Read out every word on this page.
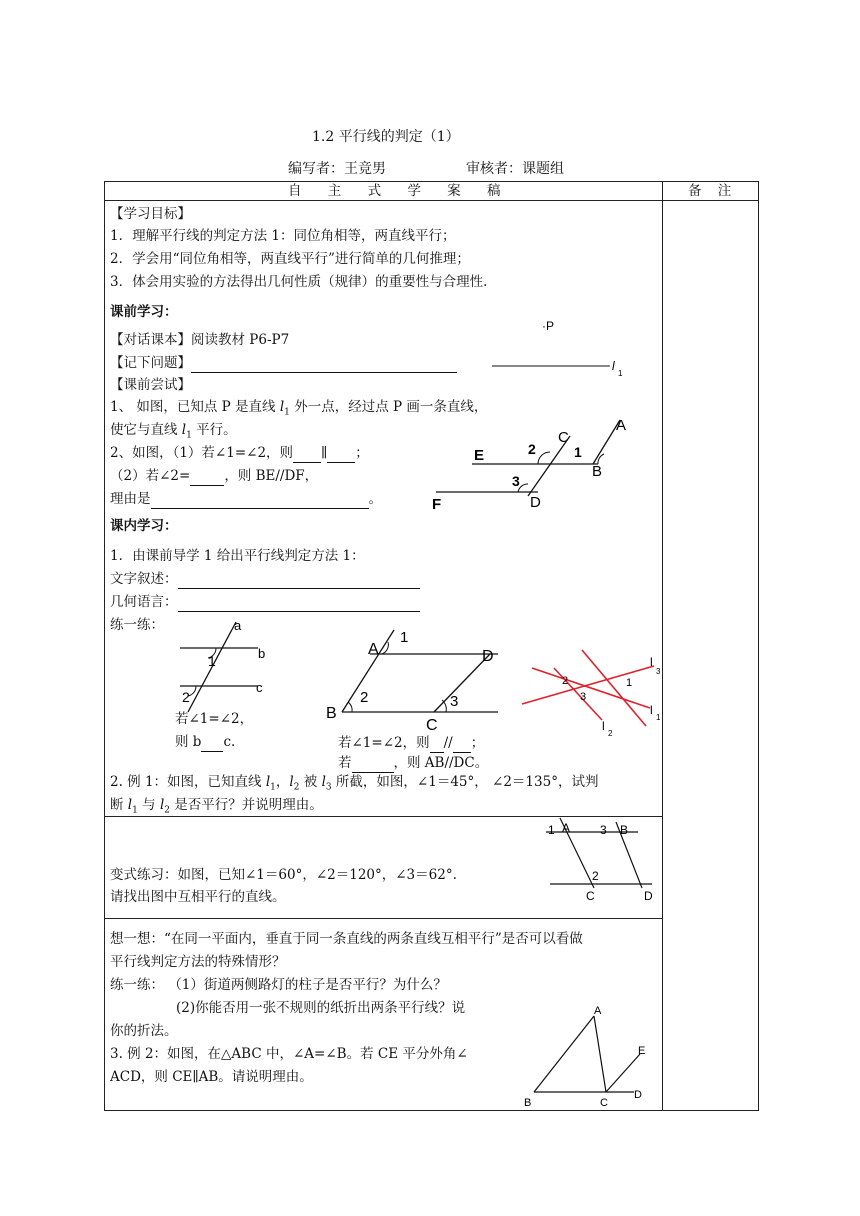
1.2 平行线的判定（1）
编写者：王竞男	审核者：课题组
自 主 式 学 案 稿	备 注
【学习目标】
1．理解平行线的判定方法 1：同位角相等，两直线平行；
2．学会用“同位角相等，两直线平行”进行简单的几何推理；
3．体会用实验的方法得出几何性质（规律）的重要性与合理性.
课前学习：
【对话课本】阅读教材 P6-P7
【记下问题】
【课前尝试】
1、 如图，已知点 P 是直线 $l_1$ 外一点，经过点 P 画一条直线，
使它与直线 $l_1$ 平行。
2、如图，（1）若∠1=∠2，则 ∥ ；
（2）若∠2=	，则 BE//DF，
理由是	。
·P
l
1
E
F
C
A
B
D
1
2
3
课内学习：
1．由课前导学 1 给出平行线判定方法 1：
文字叙述：
几何语言：
练一练：	a
b
c
1
2
若∠1=∠2，
则 b c.
A
B
C
D
1
2	3
若∠1=∠2，则 // ；
若	，则 AB//DC。
1
2
3
l
3
l
1
l
2
2. 例 1：如图，已知直线 $l_1$，$l_2$ 被 $l_3$ 所截，如图，∠1＝45°， ∠2＝135°，试判
断 $l_1$ 与 $l_2$ 是否平行？并说明理由。
1 A 3 B
2
C	D
变式练习：如图，已知∠1＝60°，∠2＝120°，∠3＝62°.
请找出图中互相平行的直线。
想一想：“在同一平面内，垂直于同一条直线的两条直线互相平行”是否可以看做
平行线判定方法的特殊情形？
练一练： （1）街道两侧路灯的柱子是否平行？为什么？
(2)你能否用一张不规则的纸折出两条平行线？说
你的折法。
3. 例 2：如图，在△ABC 中，∠A=∠B。若 CE 平分外角∠
ACD，则 CE∥AB。请说明理由。
A
B	C
D
E
